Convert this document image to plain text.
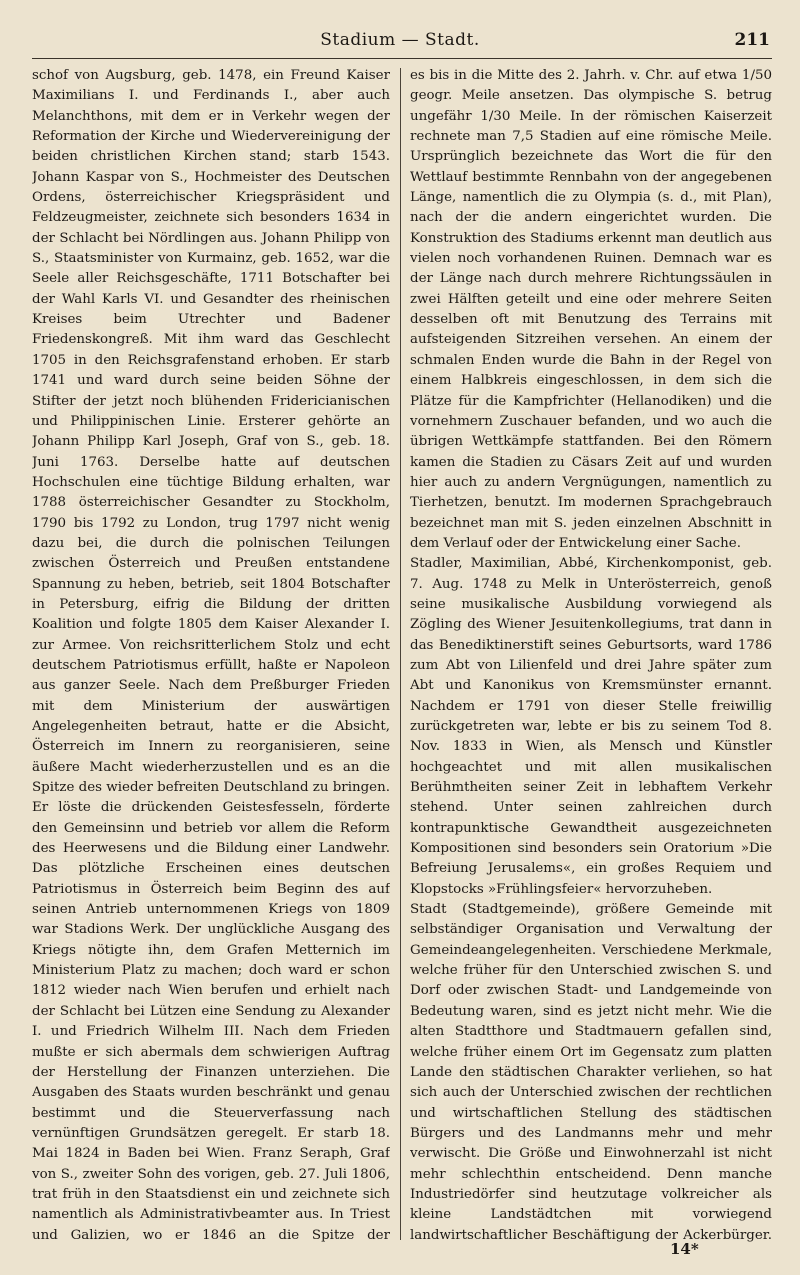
Stadium — Stadt.	211

schof von Augsburg, geb. 1478, ein Freund Kaiser Maximilians I. und Ferdinands I., aber auch Melanchthons, mit dem er in Verkehr wegen der Reformation der Kirche und Wiedervereinigung der beiden christlichen Kirchen stand; starb 1543. Johann Kaspar von S., Hochmeister des Deutschen Ordens, österreichischer Kriegspräsident und Feldzeugmeister, zeichnete sich besonders 1634 in der Schlacht bei Nördlingen aus. Johann Philipp von S., Staatsminister von Kurmainz, geb. 1652, war die Seele aller Reichsgeschäfte, 1711 Botschafter bei der Wahl Karls VI. und Gesandter des rheinischen Kreises beim Utrechter und Badener Friedenskongreß. Mit ihm ward das Geschlecht 1705 in den Reichsgrafenstand erhoben. Er starb 1741 und ward durch seine beiden Söhne der Stifter der jetzt noch blühenden Fridericianischen und Philippinischen Linie. Ersterer gehörte an Johann Philipp Karl Joseph, Graf von S., geb. 18. Juni 1763. Derselbe hatte auf deutschen Hochschulen eine tüchtige Bildung erhalten, war 1788 österreichischer Gesandter zu Stockholm, 1790 bis 1792 zu London, trug 1797 nicht wenig dazu bei, die durch die polnischen Teilungen zwischen Österreich und Preußen entstandene Spannung zu heben, betrieb, seit 1804 Botschafter in Petersburg, eifrig die Bildung der dritten Koalition und folgte 1805 dem Kaiser Alexander I. zur Armee. Von reichsritterlichem Stolz und echt deutschem Patriotismus erfüllt, haßte er Napoleon aus ganzer Seele. Nach dem Preßburger Frieden mit dem Ministerium der auswärtigen Angelegenheiten betraut, hatte er die Absicht, Österreich im Innern zu reorganisieren, seine äußere Macht wiederherzustellen und es an die Spitze des wieder befreiten Deutschland zu bringen. Er löste die drückenden Geistesfesseln, förderte den Gemeinsinn und betrieb vor allem die Reform des Heerwesens und die Bildung einer Landwehr. Das plötzliche Erscheinen eines deutschen Patriotismus in Österreich beim Beginn des auf seinen Antrieb unternommenen Kriegs von 1809 war Stadions Werk. Der unglückliche Ausgang des Kriegs nötigte ihn, dem Grafen Metternich im Ministerium Platz zu machen; doch ward er schon 1812 wieder nach Wien berufen und erhielt nach der Schlacht bei Lützen eine Sendung zu Alexander I. und Friedrich Wilhelm III. Nach dem Frieden mußte er sich abermals dem schwierigen Auftrag der Herstellung der Finanzen unterziehen. Die Ausgaben des Staats wurden beschränkt und genau bestimmt und die Steuerverfassung nach vernünftigen Grundsätzen geregelt. Er starb 18. Mai 1824 in Baden bei Wien. Franz Seraph, Graf von S., zweiter Sohn des vorigen, geb. 27. Juli 1806, trat früh in den Staatsdienst ein und zeichnete sich namentlich als Administrativbeamter aus. In Triest und Galizien, wo er 1846 an die Spitze der

es bis in die Mitte des 2. Jahrh. v. Chr. auf etwa 1/50 geogr. Meile ansetzen. Das olympische S. betrug ungefähr 1/30 Meile. In der römischen Kaiserzeit rechnete man 7,5 Stadien auf eine römische Meile. Ursprünglich bezeichnete das Wort die für den Wettlauf bestimmte Rennbahn von der angegebenen Länge, namentlich die zu Olympia (s. d., mit Plan), nach der die andern eingerichtet wurden. Die Konstruktion des Stadiums erkennt man deutlich aus vielen noch vorhandenen Ruinen. Demnach war es der Länge nach durch mehrere Richtungssäulen in zwei Hälften geteilt und eine oder mehrere Seiten desselben oft mit Benutzung des Terrains mit aufsteigenden Sitzreihen versehen. An einem der schmalen Enden wurde die Bahn in der Regel von einem Halbkreis eingeschlossen, in dem sich die Plätze für die Kampfrichter (Hellanodiken) und die vornehmern Zuschauer befanden, und wo auch die übrigen Wettkämpfe stattfanden. Bei den Römern kamen die Stadien zu Cäsars Zeit auf und wurden hier auch zu andern Vergnügungen, namentlich zu Tierhetzen, benutzt. Im modernen Sprachgebrauch bezeichnet man mit S. jeden einzelnen Abschnitt in dem Verlauf oder der Entwickelung einer Sache.

Stadler, Maximilian, Abbé, Kirchenkomponist, geb. 7. Aug. 1748 zu Melk in Unterösterreich, genoß seine musikalische Ausbildung vorwiegend als Zögling des Wiener Jesuitenkollegiums, trat dann in das Benediktinerstift seines Geburtsorts, ward 1786 zum Abt von Lilienfeld und drei Jahre später zum Abt und Kanonikus von Kremsmünster ernannt. Nachdem er 1791 von dieser Stelle freiwillig zurückgetreten war, lebte er bis zu seinem Tod 8. Nov. 1833 in Wien, als Mensch und Künstler hochgeachtet und mit allen musikalischen Berühmtheiten seiner Zeit in lebhaftem Verkehr stehend. Unter seinen zahlreichen durch kontrapunktische Gewandtheit ausgezeichneten Kompositionen sind besonders sein Oratorium »Die Befreiung Jerusalems«, ein großes Requiem und Klopstocks »Frühlingsfeier« hervorzuheben.

Stadt (Stadtgemeinde), größere Gemeinde mit selbständiger Organisation und Verwaltung der Gemeindeangelegenheiten. Verschiedene Merkmale, welche früher für den Unterschied zwischen S. und Dorf oder zwischen Stadt- und Landgemeinde von Bedeutung waren, sind es jetzt nicht mehr. Wie die alten Stadtthore und Stadtmauern gefallen sind, welche früher einem Ort im Gegensatz zum platten Lande den städtischen Charakter verliehen, so hat sich auch der Unterschied zwischen der rechtlichen und wirtschaftlichen Stellung des städtischen Bürgers und des Landmanns mehr und mehr verwischt. Die Größe und Einwohnerzahl ist nicht mehr schlechthin entscheidend. Denn manche Industriedörfer sind heutzutage volkreicher als kleine Landstädtchen mit vorwiegend landwirtschaftlicher Beschäftigung der Ackerbürger.

14*
